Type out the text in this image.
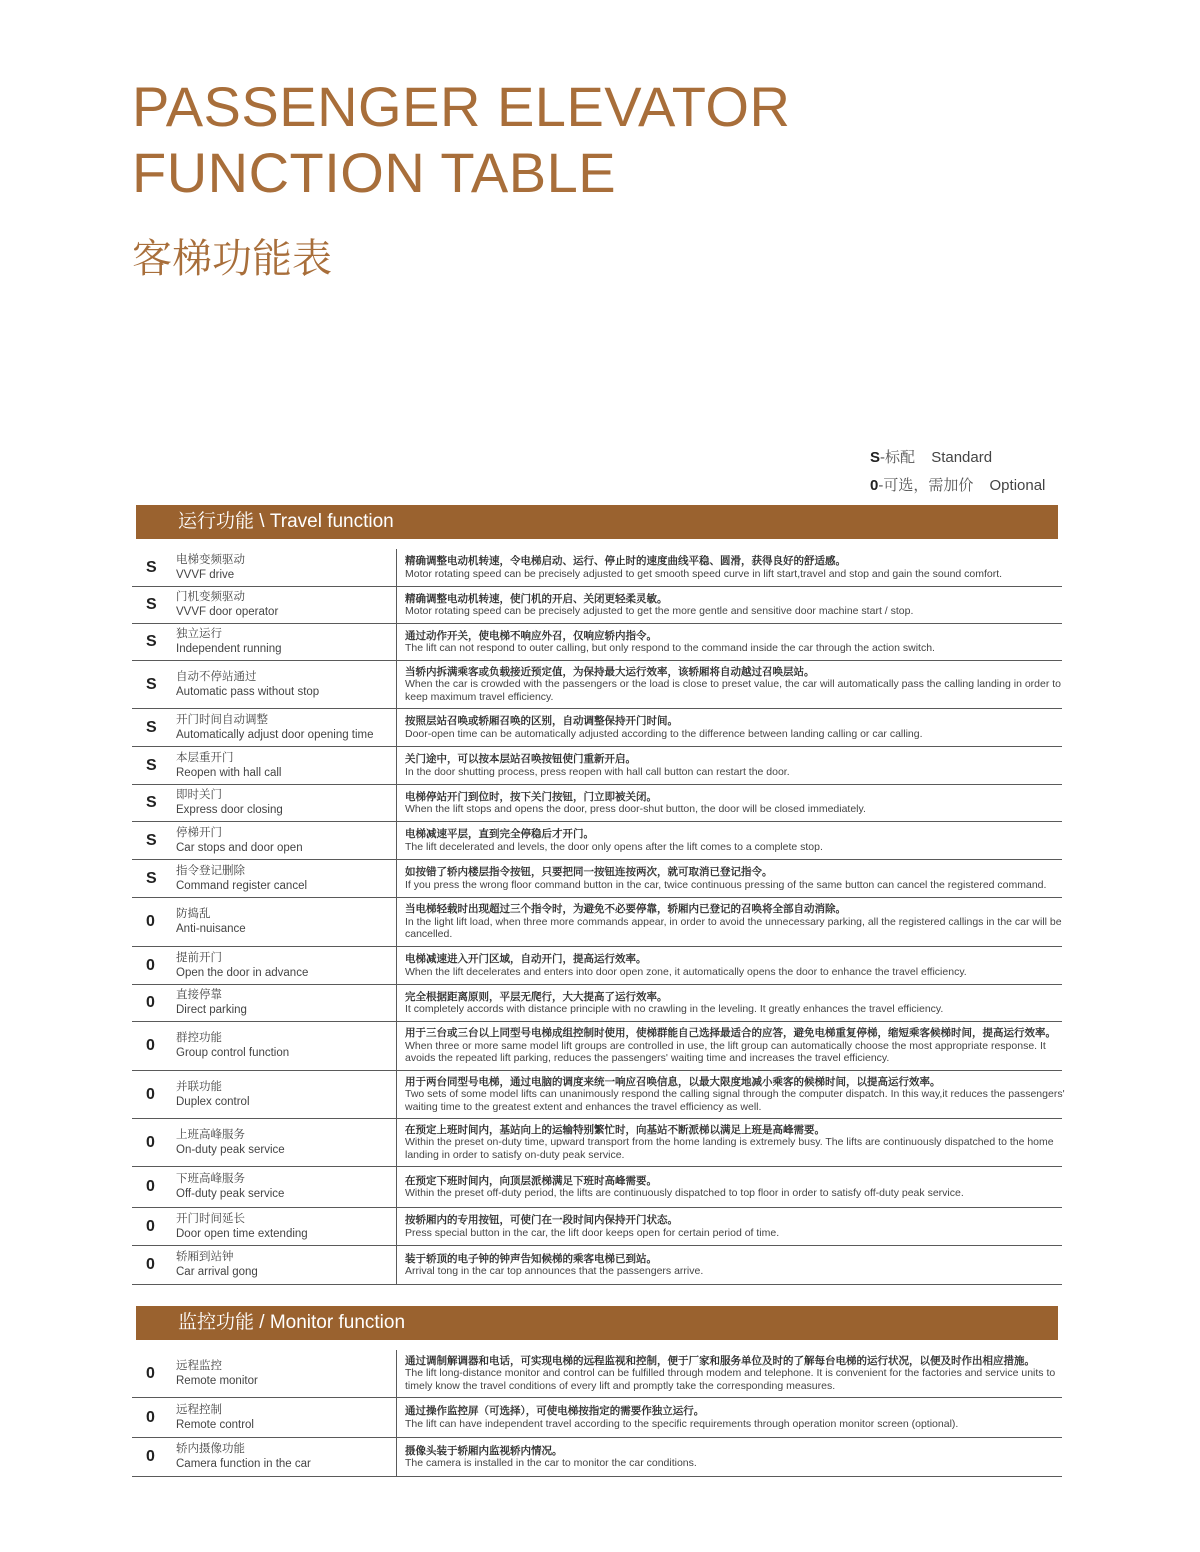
PASSENGER ELEVATOR
FUNCTION TABLE
客梯功能表
S-标配 Standard
0-可选，需加价 Optional
运行功能 \ Travel function
S 电梯变频驱动
VVVF drive
精确调整电动机转速，令电梯启动、运行、停止时的速度曲线平稳、圆滑，获得良好的舒适感。
Motor rotating speed can be precisely adjusted to get smooth speed curve in lift start,travel and stop and gain the sound comfort.
S 门机变频驱动
VVVF door operator
精确调整电动机转速，使门机的开启、关闭更轻柔灵敏。
Motor rotating speed can be precisely adjusted to get the more gentle and sensitive door machine start / stop.
S 独立运行
Independent running
通过动作开关，使电梯不响应外召，仅响应轿内指令。
The lift can not respond to outer calling, but only respond to the command inside the car through the action switch.
S 自动不停站通过
Automatic pass without stop
当轿内拆满乘客或负载接近预定值，为保持最大运行效率，该轿厢将自动越过召唤层站。
When the car is crowded with the passengers or the load is close to preset value, the car will automatically pass the calling landing in order to keep maximum travel efficiency.
S 开门时间自动调整
Automatically adjust door opening time
按照层站召唤或轿厢召唤的区别，自动调整保持开门时间。
Door-open time can be automatically adjusted according to the difference between landing calling or car calling.
S 本层重开门
Reopen with hall call
关门途中，可以按本层站召唤按钮使门重新开启。
In the door shutting process, press reopen with hall call button can restart the door.
S 即时关门
Express door closing
电梯停站开门到位时，按下关门按钮，门立即被关闭。
When the lift stops and opens the door, press door-shut button, the door will be closed immediately.
S 停梯开门
Car stops and door open
电梯减速平层，直到完全停稳后才开门。
The lift decelerated and levels, the door only opens after the lift comes to a complete stop.
S 指令登记删除
Command register cancel
如按错了轿内楼层指令按钮，只要把同一按钮连按两次，就可取消已登记指令。
If you press the wrong floor command button in the car, twice continuous pressing of the same button can cancel the registered command.
0 防捣乱
Anti-nuisance
当电梯轻载时出现超过三个指令时，为避免不必要停靠，轿厢内已登记的召唤将全部自动消除。
In the light lift load, when three more commands appear, in order to avoid the unnecessary parking, all the registered callings in the car will be cancelled.
0 提前开门
Open the door in advance
电梯减速进入开门区域，自动开门，提高运行效率。
When the lift decelerates and enters into door open zone, it automatically opens the door to enhance the travel efficiency.
0 直接停靠
Direct parking
完全根据距离原则，平层无爬行，大大提高了运行效率。
It completely accords with distance principle with no crawling in the leveling. It greatly enhances the travel efficiency.
0 群控功能
Group control function
用于三台或三台以上同型号电梯成组控制时使用，使梯群能自己选择最适合的应答，避免电梯重复停梯，缩短乘客候梯时间，提高运行效率。
When three or more same model lift groups are controlled in use, the lift group can automatically choose the most appropriate response. It avoids the repeated lift parking, reduces the passengers' waiting time and increases the travel efficiency.
0 并联功能
Duplex control
用于两台同型号电梯，通过电脑的调度来统一响应召唤信息，以最大限度地减小乘客的候梯时间，以提高运行效率。
Two sets of some model lifts can unanimously respond the calling signal through the computer dispatch. In this way,it reduces the passengers' waiting time to the greatest extent and enhances the travel efficiency as well.
0 上班高峰服务
On-duty peak service
在预定上班时间内，基站向上的运输特别繁忙时，向基站不断派梯以满足上班是高峰需要。
Within the preset on-duty time, upward transport from the home landing is extremely busy. The lifts are continuously dispatched to the home landing in order to satisfy on-duty peak service.
0 下班高峰服务
Off-duty peak service
在预定下班时间内，向顶层派梯满足下班时高峰需要。
Within the preset off-duty period, the lifts are continuously dispatched to top floor in order to satisfy off-duty peak service.
0 开门时间延长
Door open time extending
按轿厢内的专用按钮，可使门在一段时间内保持开门状态。
Press special button in the car, the lift door keeps open for certain period of time.
0 轿厢到站钟
Car arrival gong
装于轿顶的电子钟的钟声告知候梯的乘客电梯已到站。
Arrival tong in the car top announces that the passengers arrive.
监控功能 / Monitor function
0 远程监控
Remote monitor
通过调制解调器和电话，可实现电梯的远程监视和控制，便于厂家和服务单位及时的了解每台电梯的运行状况，以便及时作出相应措施。
The lift long-distance monitor and control can be fulfilled through modem and telephone. It is convenient for the factories and service units to timely know the travel conditions of every lift and promptly take the corresponding measures.
0 远程控制
Remote control
通过操作监控屏（可选择），可使电梯按指定的需要作独立运行。
The lift can have independent travel according to the specific requirements through operation monitor screen (optional).
0 轿内摄像功能
Camera function in the car
摄像头装于轿厢内监视轿内情况。
The camera is installed in the car to monitor the car conditions.
